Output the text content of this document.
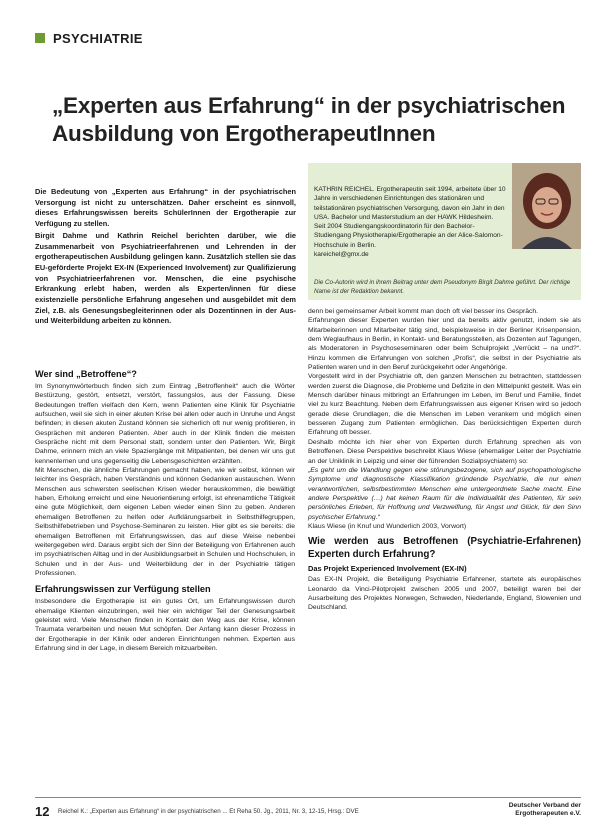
PSYCHIATRIE
„Experten aus Erfahrung“ in der psychiatrischen Ausbildung von ErgotherapeutInnen

Die Bedeutung von „Experten aus Erfahrung“ in der psychiatrischen Versorgung ist nicht zu unterschätzen. Daher erscheint es sinnvoll, dieses Erfahrungswissen bereits SchülerInnen der Ergotherapie zur Verfügung zu stellen.

Birgit Dahme und Kathrin Reichel berichten darüber, wie die Zusammenarbeit von Psychiatrieerfahrenen und Lehrenden in der ergotherapeutischen Ausbildung gelingen kann. Zusätzlich stellen sie das EU-geförderte Projekt EX-IN (Experienced Involvement) zur Qualifizierung von Psychiatrieerfahrenen vor. Menschen, die eine psychische Erkrankung erlebt haben, werden als Experten/innen für diese existenzielle persönliche Erfahrung angesehen und ausgebildet mit dem Ziel, z.B. als Genesungsbegleiterinnen oder als Dozentinnen in der Aus- und Weiterbildung arbeiten zu können.

KATHRIN REICHEL. Ergotherapeutin seit 1994, arbeitete über 10 Jahre in verschiedenen Einrichtungen des stationären und teilstationären psychiatrischen Versorgung, davon ein Jahr in den USA. Bachelor und Masterstudium an der HAWK Hildesheim. Seit 2004 Studiengangskoordinatorin für den Bachelor-Studiengang Physiotherapie/Ergotherapie an der Alice-Salomon-Hochschule in Berlin.
kareichel@gmx.de
Die Co-Autorin wird in ihrem Beitrag unter dem Pseudonym Birgit Dahme geführt. Der richtige Name ist der Redaktion bekannt.
Wer sind „Betroffene“?

Im Synonymwörterbuch finden sich zum Eintrag „Betroffenheit“ auch die Wörter Bestürzung, gestört, entsetzt, verstört, fassungslos, aus der Fassung. Diese Bedeutungen treffen vielfach den Kern, wenn Patienten eine Klinik für Psychiatrie aufsuchen, weil sie sich in einer akuten Krise bei allen oder auch in Unruhe und Angst befinden; in diesen akuten Zustand können sie sicherlich oft nur wenig profitieren, in Gesprächen mit anderen Patienten. Aber auch in der Klinik finden die meisten Gespräche nicht mit dem Personal statt, sondern unter den Patienten. Wir, Birgit Dahme, erinnern mich an viele Spaziergänge mit Mitpatienten, bei denen wir uns gut kennenlernen und uns gegenseitig die Lebensgeschichten erzählten.

Mit Menschen, die ähnliche Erfahrungen gemacht haben, wie wir selbst, können wir leichter ins Gespräch, haben Verständnis und können Gedanken austauschen. Wenn Menschen aus schwersten seelischen Krisen wieder herauskommen, die bewältigt haben, Erholung erreicht und eine Neuorientierung erfolgt, ist ehrenamtliche Tätigkeit eine gute Möglichkeit, dem eigenen Leben wieder einen Sinn zu geben. Anderen ehemaligen Betroffenen zu helfen oder Aufklärungsarbeit in Selbsthilfegruppen, Selbsthilfebetrieben und Psychose-Seminaren zu leisten. Hier gibt es sie bereits: die ehemaligen Betroffenen mit Erfahrungswissen, das auf diese Weise nebenbei weitergegeben wird. Daraus ergibt sich der Sinn der Beteiligung von Erfahrenen auch im psychiatrischen Alltag und in der Ausbildungsarbeit in Schulen und Hochschulen, in Schulen und in der Aus- und Weiterbildung der in der Psychiatrie tätigen Professionen.

Erfahrungswissen zur Verfügung stellen

Insbesondere die Ergotherapie ist ein gutes Ort, um Erfahrungswissen durch ehemalige Klienten einzubringen, weil hier ein wichtiger Teil der Genesungsarbeit geleistet wird. Viele Menschen finden in Kontakt den Weg aus der Krise, können Traumata verarbeiten und neuen Mut schöpfen. Der Anfang kann dieser Prozess in der Ergotherapie in der Klinik oder anderen Einrichtungen nehmen. Experten aus Erfahrung sind in der Lage, in diesem Bereich mitzuarbeiten.

denn bei gemeinsamer Arbeit kommt man doch oft viel besser ins Gespräch.

Erfahrungen dieser Experten wurden hier und da bereits aktiv genutzt, indem sie als Mitarbeiterinnen und Mitarbeiter tätig sind, beispielsweise in der Berliner Krisenpension, dem Weglaufhaus in Berlin, in Kontakt- und Beratungsstellen, als Dozenten auf Tagungen, als Moderatoren in Psychoseseminaren oder beim Schulprojekt „Verrückt – na und?“. Hinzu kommen die Erfahrungen von solchen „Profis“, die selbst in der Psychiatrie als Patienten waren und in den Beruf zurückgekehrt oder Angehörige.

Vorgestellt wird in der Psychiatrie oft, den ganzen Menschen zu betrachten, stattdessen werden zuerst die Diagnose, die Probleme und Defizite in den Mittelpunkt gestellt. Was ein Mensch darüber hinaus mitbringt an Erfahrungen im Leben, im Beruf und Familie, findet viel zu kurz Beachtung. Neben dem Erfahrungswissen aus eigener Krisen wird so jedoch gerade diese Grundlagen, die die Menschen im Leben verankern und möglich einen besseren Zugang zum Patienten ermöglichen. Das berücksichtigen Experten durch Erfahrung oft besser.

Deshalb möchte ich hier eher von Experten durch Erfahrung sprechen als von Betroffenen. Diese Perspektive beschreibt Klaus Wiese (ehemaliger Leiter der Psychiatrie an der Uniklinik in Leipzig und einer der führenden Sozialpsychiatern) so:

„Es geht um die Wandlung gegen eine störungsbezogene, sich auf psychopathologische Symptome und diagnostische Klassifikation gründende Psychiatrie, die nur einen verantwortlichen, selbstbestimmten Menschen eine untergeordnete Sache macht. Eine andere Perspektive (…) hat keinen Raum für die Individualität des Patienten, für sein persönliches Erleben, für Hoffnung und Verzweiflung, für Angst und Glück, für den Sinn psychischer Erfahrung.“

Klaus Wiese (in Knuf und Wunderlich 2003, Vorwort)

Wie werden aus Betroffenen (Psychiatrie-Erfahrenen) Experten durch Erfahrung?
Das Projekt Experienced Involvement (EX-IN)

Das EX-IN Projekt, die Beteiligung Psychiatrie Erfahrener, startete als europäisches Leonardo da Vinci-Pilotprojekt zwischen 2005 und 2007, beteiligt waren bei der Ausarbeitung des Projektes Norwegen, Schweden, Niederlande, England, Slowenien und Deutschland.

12 Reichel K.: „Experten aus Erfahrung“ in der psychiatrischen ... Et Reha 50. Jg., 2011, Nr. 3, 12-15, Hrsg.: DVE
Deutscher Verband der
Ergotherapeuten e.V.
